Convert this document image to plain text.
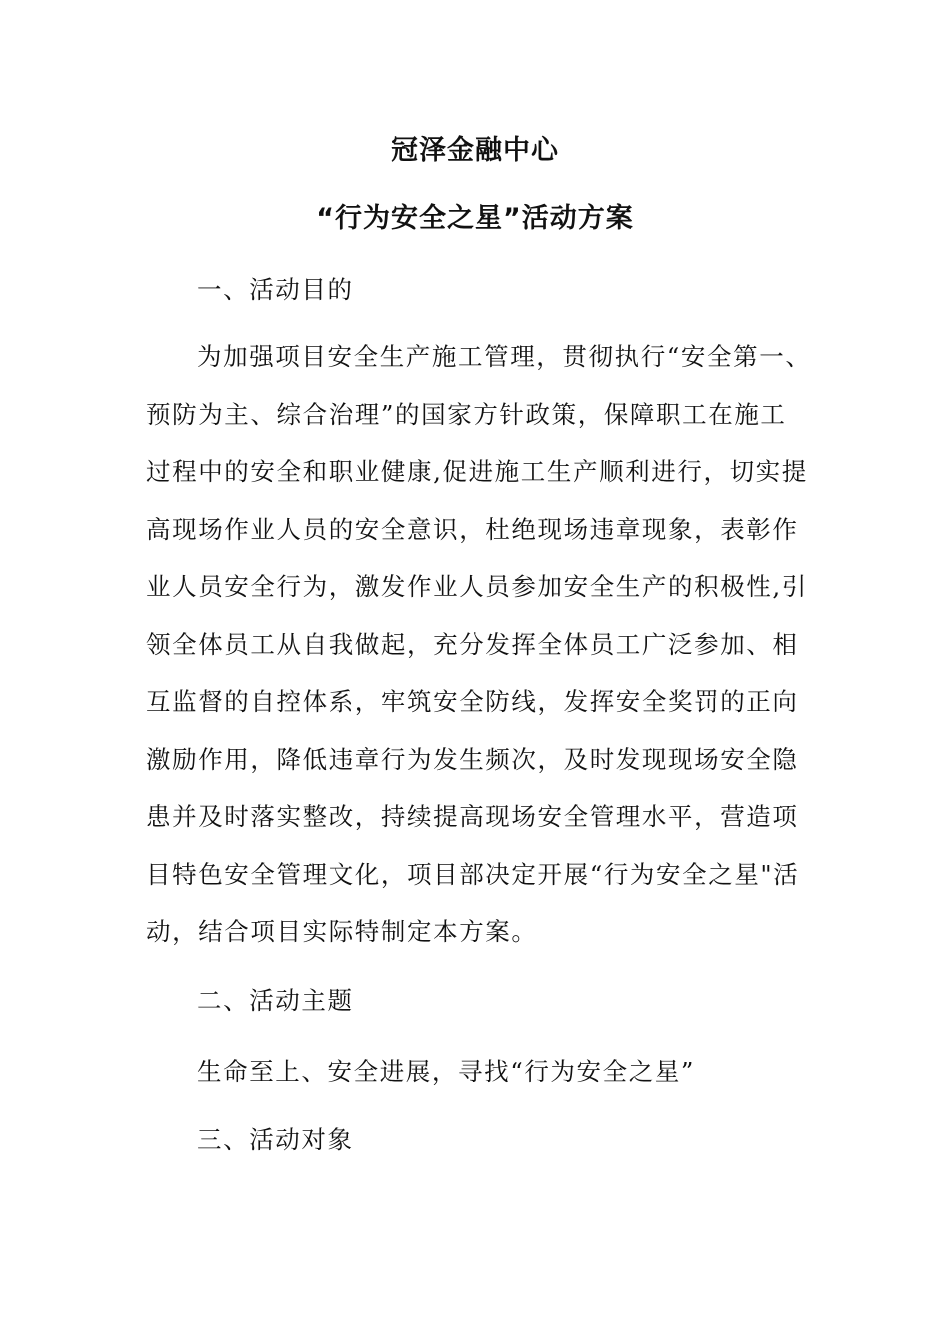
冠泽金融中心
“行为安全之星”活动方案
一、活动目的
为加强项目安全生产施工管理，贯彻执行“安全第一、
预防为主、综合治理”的国家方针政策，保障职工在施工
过程中的安全和职业健康,促进施工生产顺利进行，切实提
高现场作业人员的安全意识，杜绝现场违章现象，表彰作
业人员安全行为，激发作业人员参加安全生产的积极性,引
领全体员工从自我做起，充分发挥全体员工广泛参加、相
互监督的自控体系，牢筑安全防线，发挥安全奖罚的正向
激励作用，降低违章行为发生频次，及时发现现场安全隐
患并及时落实整改，持续提高现场安全管理水平，营造项
目特色安全管理文化，项目部决定开展“行为安全之星"活
动，结合项目实际特制定本方案。
二、活动主题
生命至上、安全进展，寻找“行为安全之星”
三、活动对象
